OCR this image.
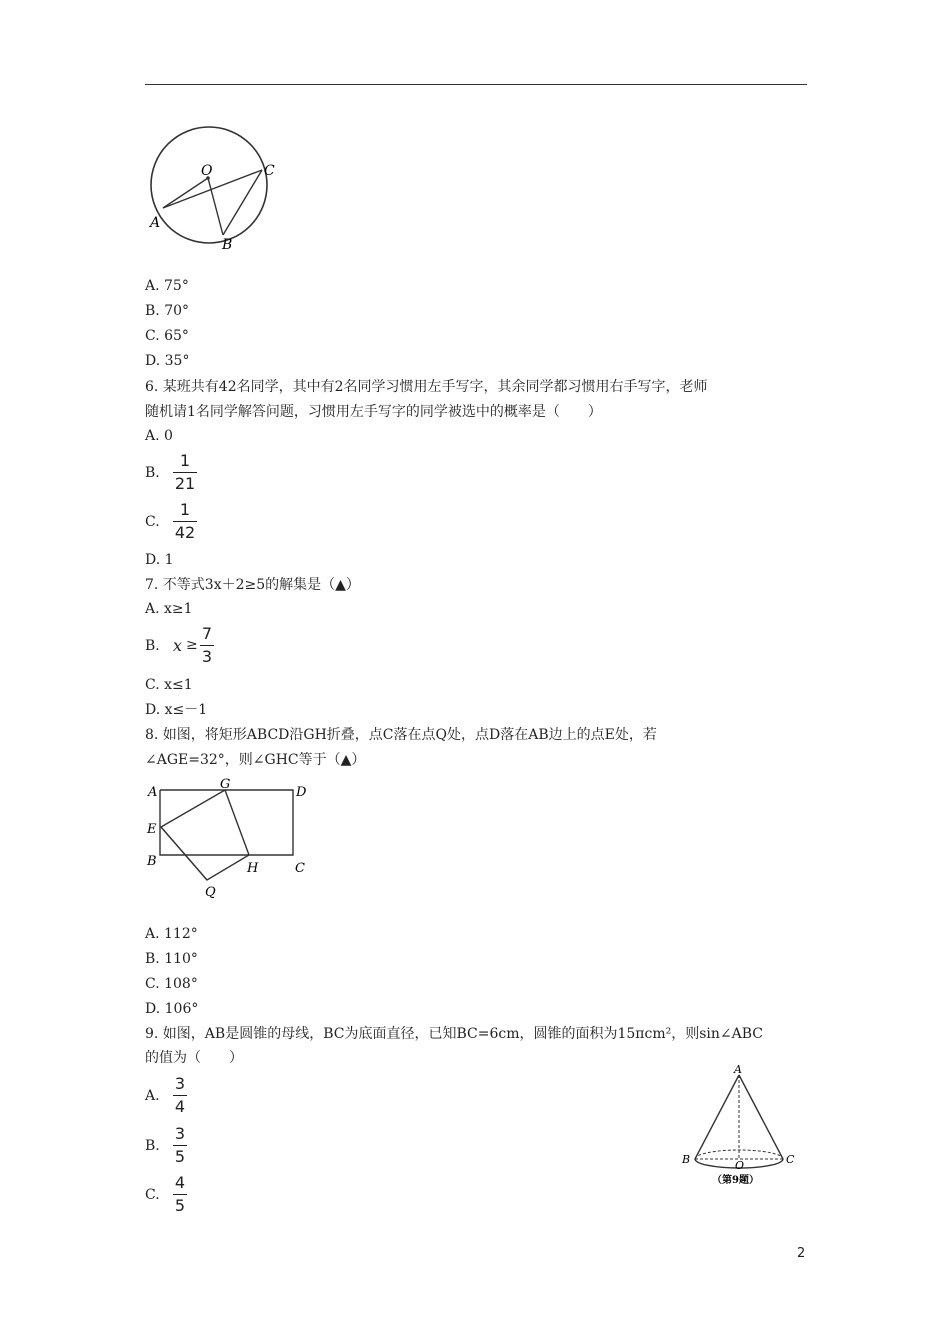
O
A
B
C
A. 75°
B. 70°
C. 65°
D. 35°
6. 某班共有42名同学，其中有2名同学习惯用左手写字，其余同学都习惯用右手写字，老师
随机请1名同学解答问题，习惯用左手写字的同学被选中的概率是（　　）
A. 0
B.
1
21
C.
1
42
D. 1
7. 不等式3x＋2≥5的解集是（▲）
A. x≥1
B. x ≥
7
3
C. x≤1
D. x≤－1
8. 如图，将矩形ABCD沿GH折叠，点C落在点Q处，点D落在AB边上的点E处，若
∠AGE=32°，则∠GHC等于（▲）
A
G
D
E
B	H	C
Q
A. 112°
B. 110°
C. 108°
D. 106°
9. 如图，AB是圆锥的母线，BC为底面直径，已知BC=6cm，圆锥的面积为15πcm²，则sin∠ABC
的值为（　　）
A.
3
4
B.
3
5
C.
4
5
A
B	O	C
（第9题）
2
